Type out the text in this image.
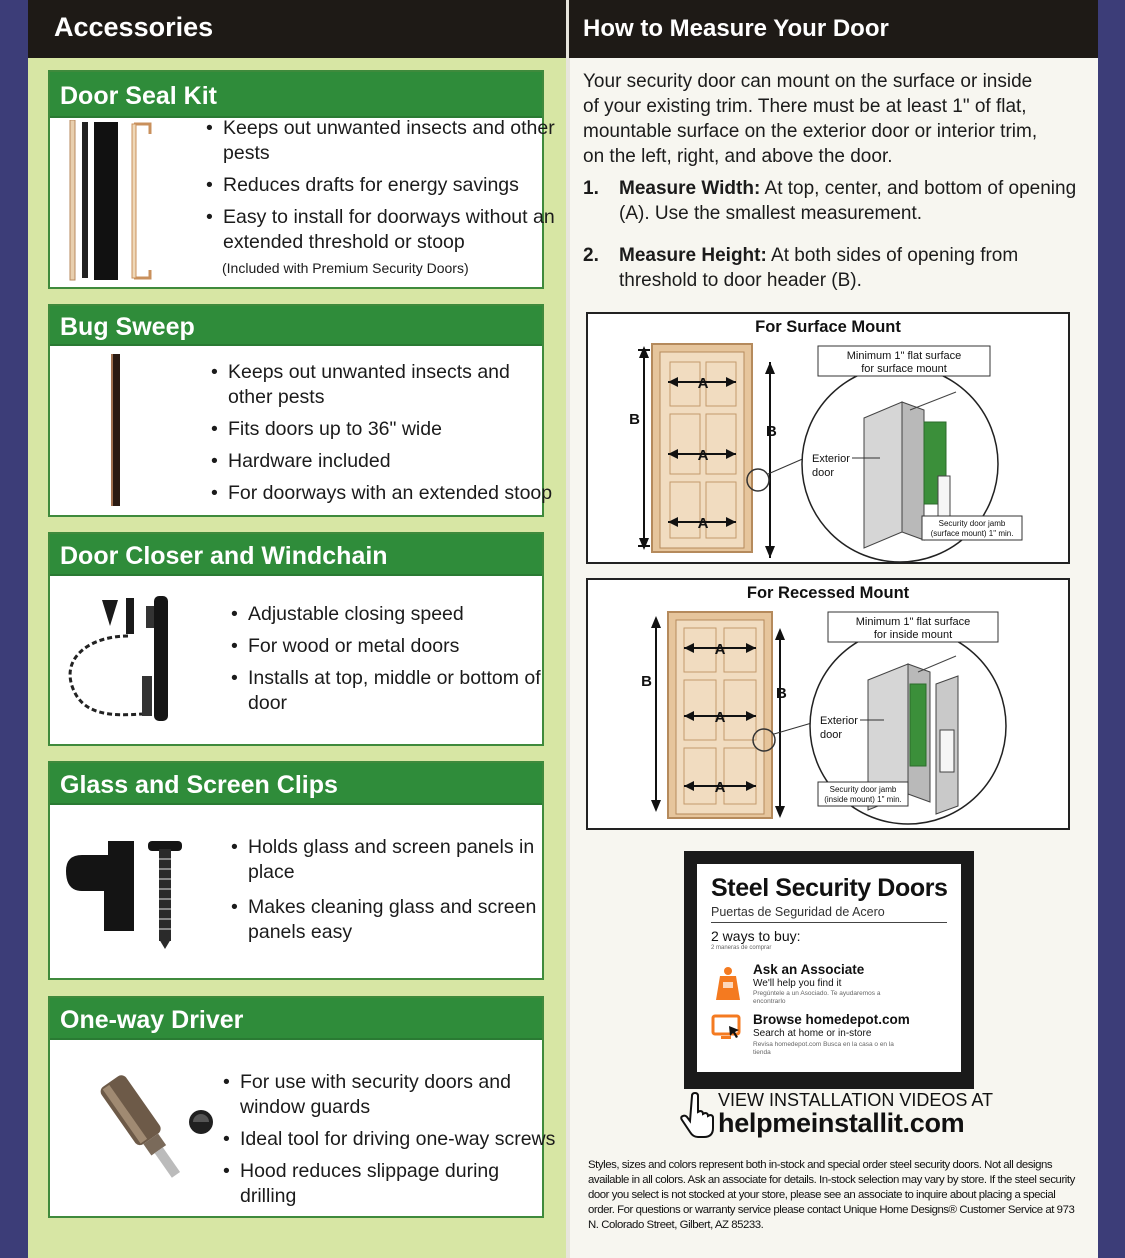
Accessories	How to Measure Your Door
Door Seal Kit
• Keeps out unwanted insects and other pests
• Reduces drafts for energy savings
• Easy to install for doorways without an extended threshold or stoop
(Included with Premium Security Doors)
Bug Sweep
• Keeps out unwanted insects and other pests
• Fits doors up to 36" wide
• Hardware included
• For doorways with an extended stoop
Door Closer and Windchain
• Adjustable closing speed
• For wood or metal doors
• Installs at top, middle or bottom of door
Glass and Screen Clips
• Holds glass and screen panels in place
• Makes cleaning glass and screen panels easy
One-way Driver
• For use with security doors and window guards
• Ideal tool for driving one-way screws
• Hood reduces slippage during drilling
Your security door can mount on the surface or inside of your existing trim. There must be at least 1" of flat, mountable surface on the exterior door or interior trim, on the left, right, and above the door.
1. Measure Width: At top, center, and bottom of opening (A). Use the smallest measurement.
2. Measure Height: At both sides of opening from threshold to door header (B).
For Surface Mount
A
A
A
B
B
Minimum 1" flat surface
for surface mount
Exterior
door
Security door jamb
(surface mount) 1" min.
For Recessed Mount
A
A
A
B
B
Minimum 1" flat surface
for inside mount
Exterior
door
Security door jamb
(inside mount) 1" min.
Steel Security Doors
Puertas de Seguridad de Acero
2 ways to buy:
2 maneras de comprar
Ask an Associate
We'll help you find it
Pregúntele a un Asociado. Te ayudaremos a encontrarlo
Browse homedepot.com
Search at home or in-store
Revisa homedepot.com Busca en la casa o en la tienda
VIEW INSTALLATION VIDEOS AT
helpmeinstallit.com
Styles, sizes and colors represent both in-stock and special order steel security doors. Not all designs available in all colors. Ask an associate for details. In-stock selection may vary by store. If the steel security door you select is not stocked at your store, please see an associate to inquire about placing a special order. For questions or warranty service please contact Unique Home Designs® Customer Service at 973 N. Colorado Street, Gilbert, AZ 85233.
